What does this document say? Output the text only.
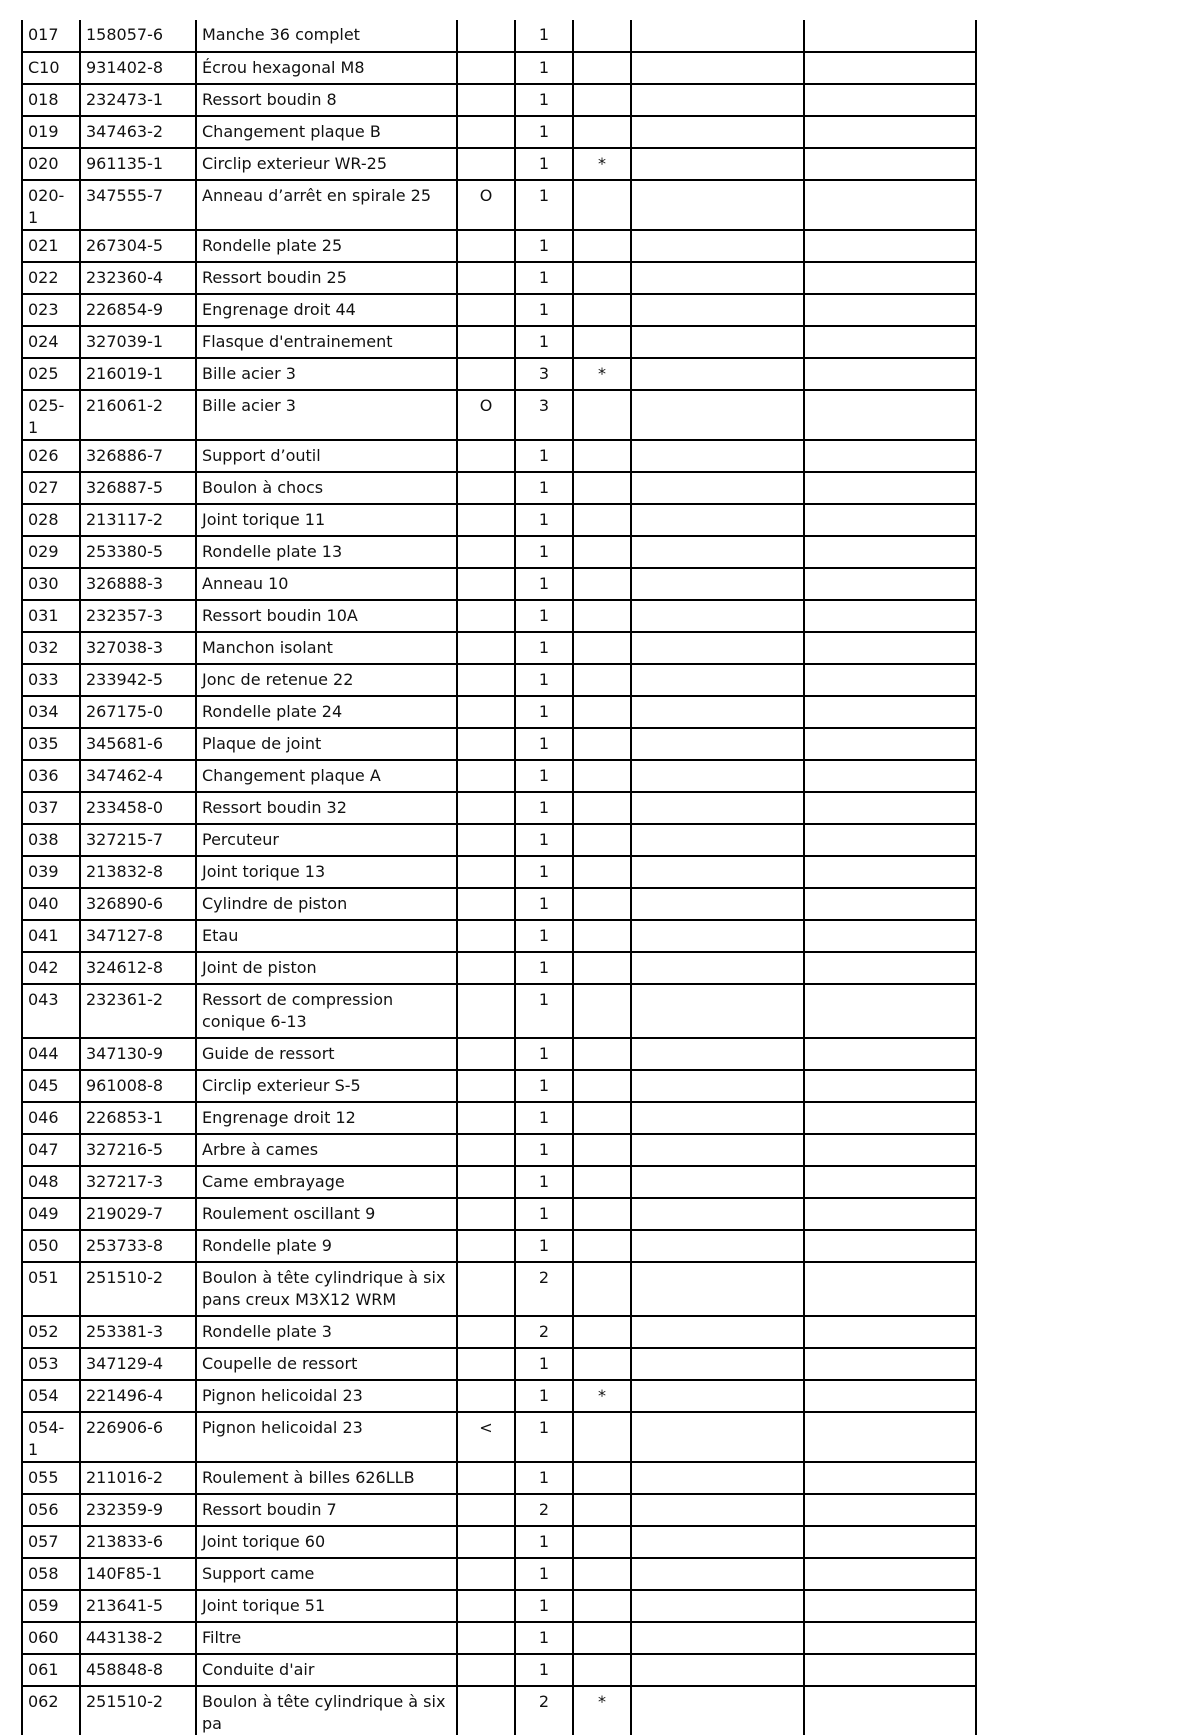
017	158057-6	Manche 36 complet		1			
C10	931402-8	Écrou hexagonal M8		1			
018	232473-1	Ressort boudin 8		1			
019	347463-2	Changement plaque B		1			
020	961135-1	Circlip exterieur WR-25		1	*		
020-1	347555-7	Anneau d’arrêt en spirale 25	O	1			
021	267304-5	Rondelle plate 25		1			
022	232360-4	Ressort boudin 25		1			
023	226854-9	Engrenage droit 44		1			
024	327039-1	Flasque d'entrainement		1			
025	216019-1	Bille acier 3		3	*		
025-1	216061-2	Bille acier 3	O	3			
026	326886-7	Support d’outil		1			
027	326887-5	Boulon à chocs		1			
028	213117-2	Joint torique 11		1			
029	253380-5	Rondelle plate 13		1			
030	326888-3	Anneau 10		1			
031	232357-3	Ressort boudin 10A		1			
032	327038-3	Manchon isolant		1			
033	233942-5	Jonc de retenue 22		1			
034	267175-0	Rondelle plate 24		1			
035	345681-6	Plaque de joint		1			
036	347462-4	Changement plaque A		1			
037	233458-0	Ressort boudin 32		1			
038	327215-7	Percuteur		1			
039	213832-8	Joint torique 13		1			
040	326890-6	Cylindre de piston		1			
041	347127-8	Etau		1			
042	324612-8	Joint de piston		1			
043	232361-2	Ressort de compression conique 6-13		1			
044	347130-9	Guide de ressort		1			
045	961008-8	Circlip exterieur S-5		1			
046	226853-1	Engrenage droit 12		1			
047	327216-5	Arbre à cames		1			
048	327217-3	Came embrayage		1			
049	219029-7	Roulement oscillant 9		1			
050	253733-8	Rondelle plate 9		1			
051	251510-2	Boulon à tête cylindrique à six pans creux M3X12 WRM		2			
052	253381-3	Rondelle plate 3		2			
053	347129-4	Coupelle de ressort		1			
054	221496-4	Pignon helicoidal 23		1	*		
054-1	226906-6	Pignon helicoidal 23	<	1			
055	211016-2	Roulement à billes 626LLB		1			
056	232359-9	Ressort boudin 7		2			
057	213833-6	Joint torique 60		1			
058	140F85-1	Support came		1			
059	213641-5	Joint torique 51		1			
060	443138-2	Filtre		1			
061	458848-8	Conduite d'air		1			
062	251510-2	Boulon à tête cylindrique à six pa		2	*		
